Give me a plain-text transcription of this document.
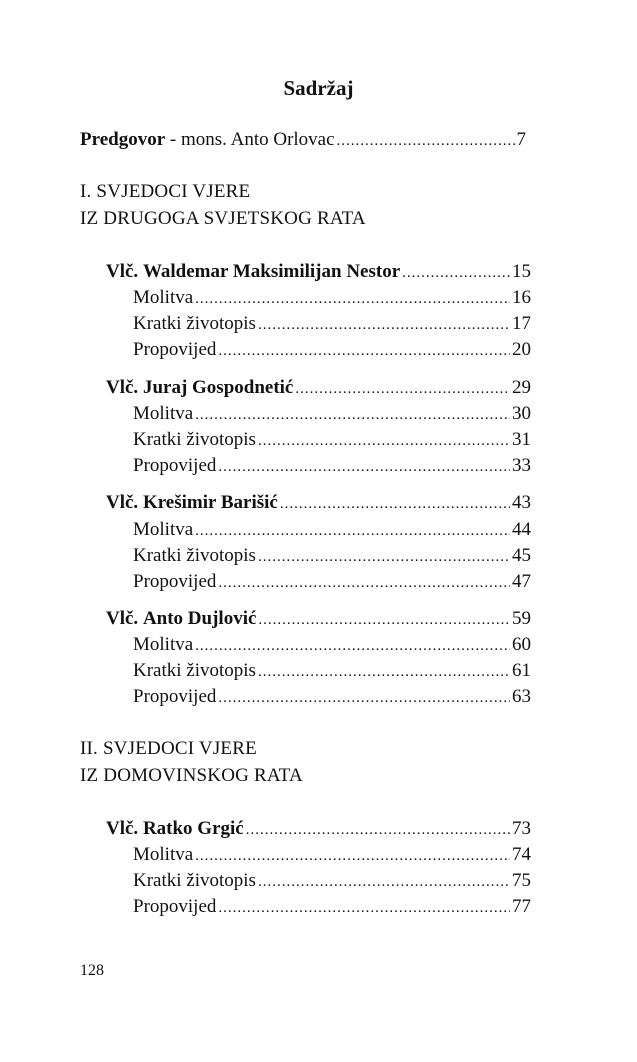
Sadržaj
Predgovor - mons. Anto Orlovac .....	7
I. SVJEDOCI VJERE
IZ DRUGOGA SVJETSKOG RATA
Vlč. Waldemar Maksimilijan Nestor .....	15
Molitva .....	16
Kratki životopis .....	17
Propovijed .....	20
Vlč. Juraj Gospodnetić .....	29
Molitva .....	30
Kratki životopis .....	31
Propovijed .....	33
Vlč. Krešimir Barišić .....	43
Molitva .....	44
Kratki životopis .....	45
Propovijed .....	47
Vlč. Anto Dujlović .....	59
Molitva .....	60
Kratki životopis .....	61
Propovijed .....	63
II. SVJEDOCI VJERE
IZ DOMOVINSKOG RATA
Vlč. Ratko Grgić .....	73
Molitva .....	74
Kratki životopis .....	75
Propovijed .....	77
128
